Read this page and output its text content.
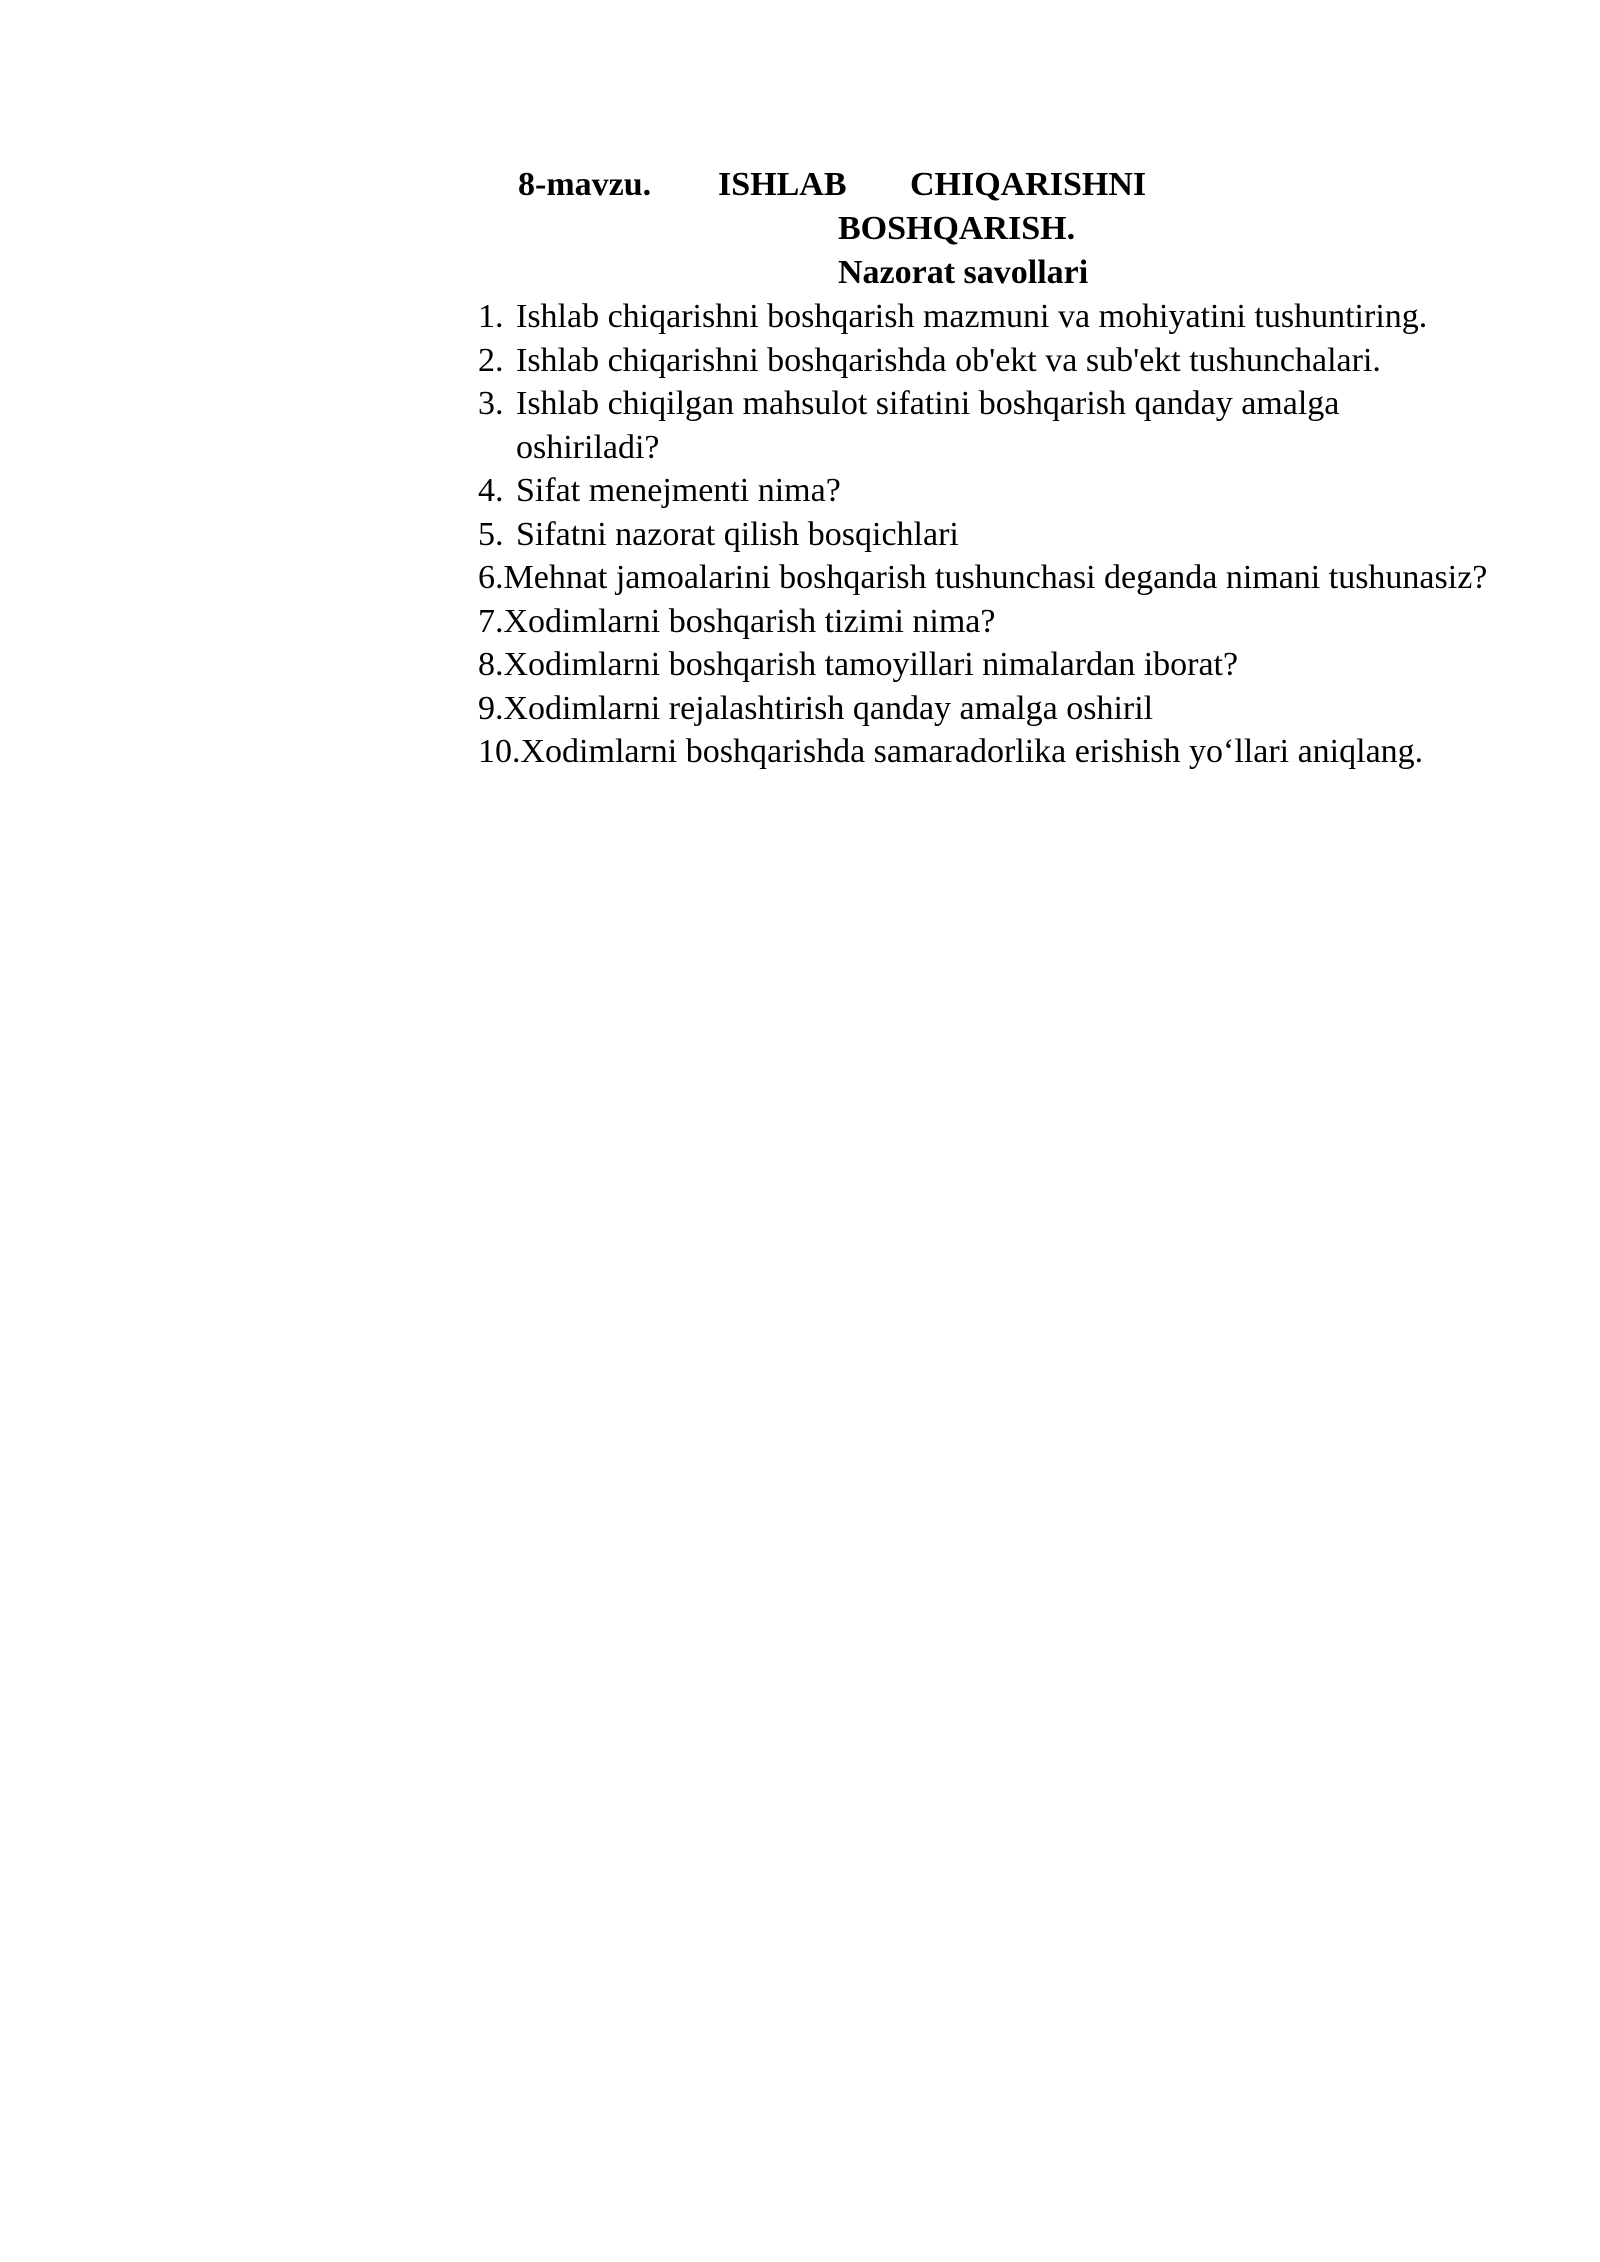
8-mavzu. ISHLAB CHIQARISHNI
BOSHQARISH.
Nazorat savollari
1. Ishlab chiqarishni boshqarish mazmuni va mohiyatini tushuntiring.
2. Ishlab chiqarishni boshqarishda ob'ekt va sub'ekt tushunchalari.
3. Ishlab chiqilgan mahsulot sifatini boshqarish qanday amalga oshiriladi?
4. Sifat menejmenti nima?
5. Sifatni nazorat qilish bosqichlari
6.Mehnat jamoalarini boshqarish tushunchasi deganda nimani tushunasiz?
7.Xodimlarni boshqarish tizimi nima?
8.Xodimlarni boshqarish tamoyillari nimalardan iborat?
9.Xodimlarni rejalashtirish qanday amalga oshiril
10.Xodimlarni boshqarishda samaradorlika erishish yo‘llari aniqlang.
